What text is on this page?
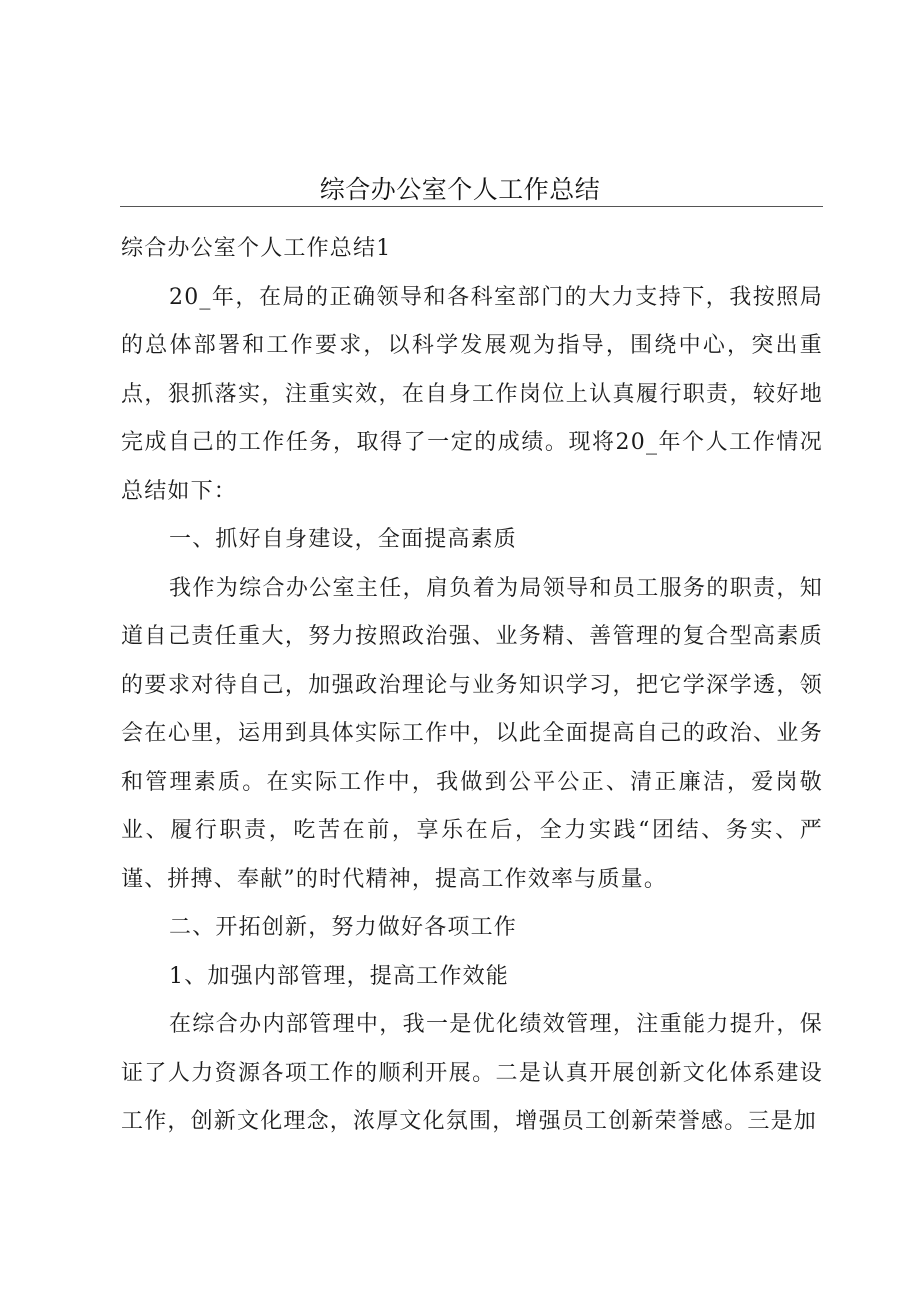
综合办公室个人工作总结

综合办公室个人工作总结1

20_年，在局的正确领导和各科室部门的大力支持下，我按照局的总体部署和工作要求，以科学发展观为指导，围绕中心，突出重点，狠抓落实，注重实效，在自身工作岗位上认真履行职责，较好地完成自己的工作任务，取得了一定的成绩。现将20_年个人工作情况总结如下：

一、抓好自身建设，全面提高素质

我作为综合办公室主任，肩负着为局领导和员工服务的职责，知道自己责任重大，努力按照政治强、业务精、善管理的复合型高素质的要求对待自己，加强政治理论与业务知识学习，把它学深学透，领会在心里，运用到具体实际工作中，以此全面提高自己的政治、业务和管理素质。在实际工作中，我做到公平公正、清正廉洁，爱岗敬业、履行职责，吃苦在前，享乐在后，全力实践“团结、务实、严谨、拼搏、奉献”的时代精神，提高工作效率与质量。

二、开拓创新，努力做好各项工作

1、加强内部管理，提高工作效能

在综合办内部管理中，我一是优化绩效管理，注重能力提升，保证了人力资源各项工作的顺利开展。二是认真开展创新文化体系建设工作，创新文化理念，浓厚文化氛围，增强员工创新荣誉感。三是加
